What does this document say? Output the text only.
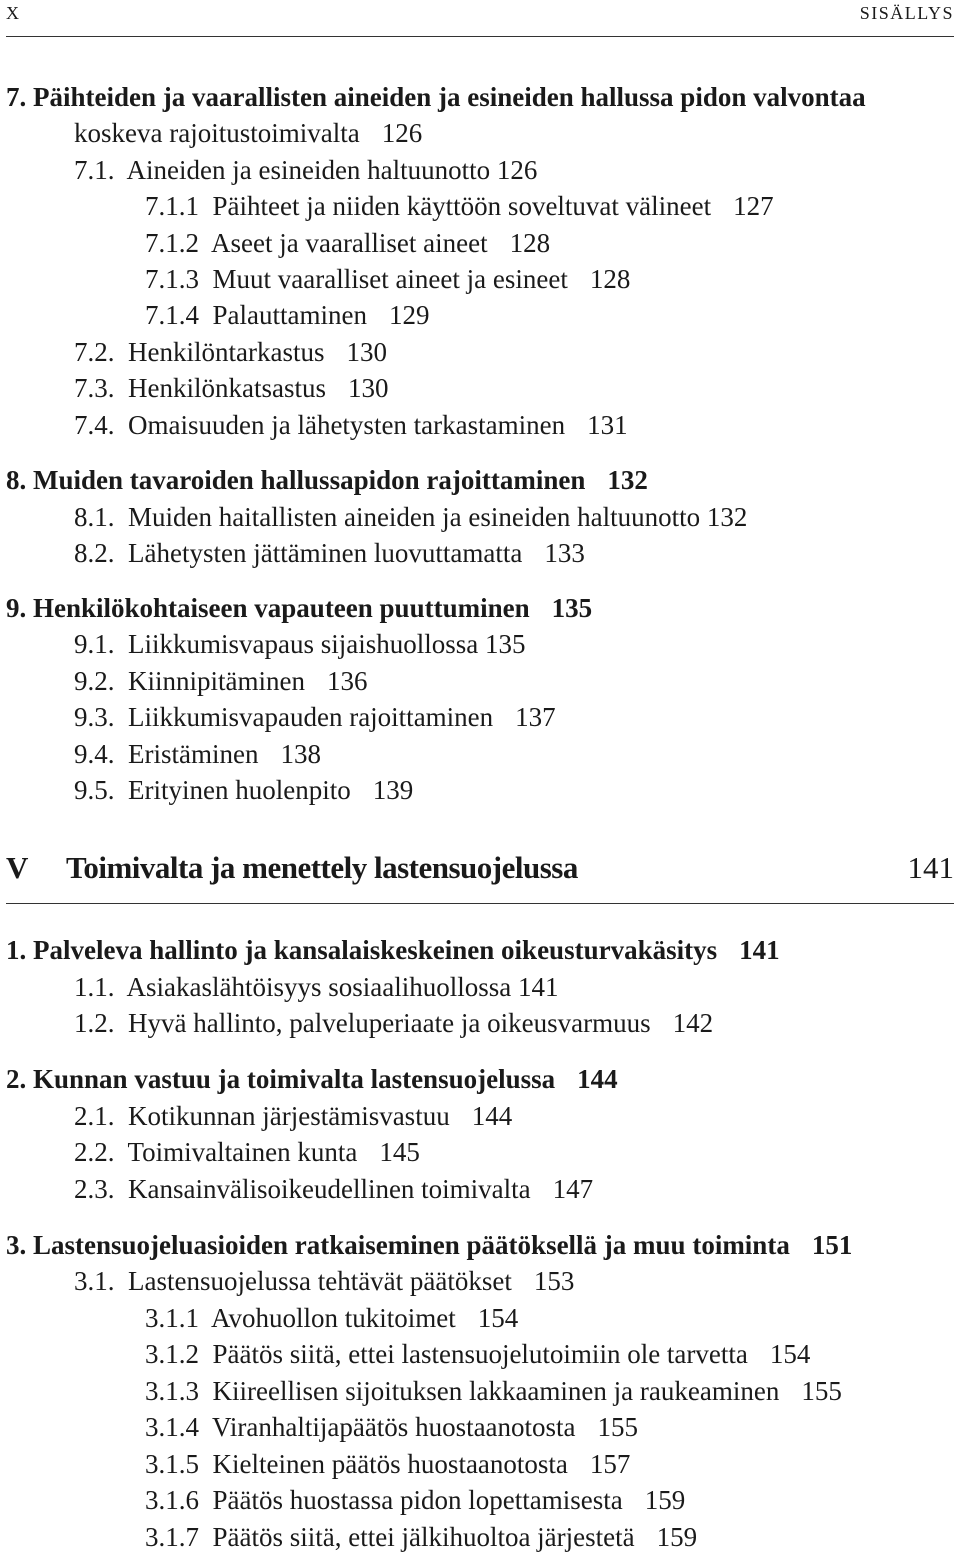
X	SISÄLLYS
7. Päihteiden ja vaarallisten aineiden ja esineiden hallussa pidon valvontaa
koskeva rajoitustoimivalta 126
7.1.  Aineiden ja esineiden haltuunotto 126
7.1.1  Päihteet ja niiden käyttöön soveltuvat välineet 127
7.1.2  Aseet ja vaaralliset aineet 128
7.1.3  Muut vaaralliset aineet ja esineet 128
7.1.4  Palauttaminen 129
7.2.  Henkilöntarkastus 130
7.3.  Henkilönkatsastus 130
7.4.  Omaisuuden ja lähetysten tarkastaminen 131
8. Muiden tavaroiden hallussapidon rajoittaminen 132
8.1.  Muiden haitallisten aineiden ja esineiden haltuunotto 132
8.2.  Lähetysten jättäminen luovuttamatta 133
9. Henkilökohtaiseen vapauteen puuttuminen 135
9.1.  Liikkumisvapaus sijaishuollossa 135
9.2.  Kiinnipitäminen 136
9.3.  Liikkumisvapauden rajoittaminen 137
9.4.  Eristäminen 138
9.5.  Erityinen huolenpito 139
1. Palveleva hallinto ja kansalaiskeskeinen oikeusturvakäsitys 141
1.1.  Asiakaslähtöisyys sosiaalihuollossa 141
1.2.  Hyvä hallinto, palveluperiaate ja oikeusvarmuus 142
2. Kunnan vastuu ja toimivalta lastensuojelussa 144
2.1.  Kotikunnan järjestämisvastuu 144
2.2.  Toimivaltainen kunta 145
2.3.  Kansainvälisoikeudellinen toimivalta 147
3. Lastensuojeluasioiden ratkaiseminen päätöksellä ja muu toiminta 151
3.1.  Lastensuojelussa tehtävät päätökset 153
3.1.1  Avohuollon tukitoimet 154
3.1.2  Päätös siitä, ettei lastensuojelutoimiin ole tarvetta 154
3.1.3  Kiireellisen sijoituksen lakkaaminen ja raukeaminen 155
3.1.4  Viranhaltijapäätös huostaanotosta 155
3.1.5  Kielteinen päätös huostaanotosta 157
3.1.6  Päätös huostassa pidon lopettamisesta 159
3.1.7  Päätös siitä, ettei jälkihuoltoa järjestetä 159
V Toimivalta ja menettely lastensuojelussa	141
